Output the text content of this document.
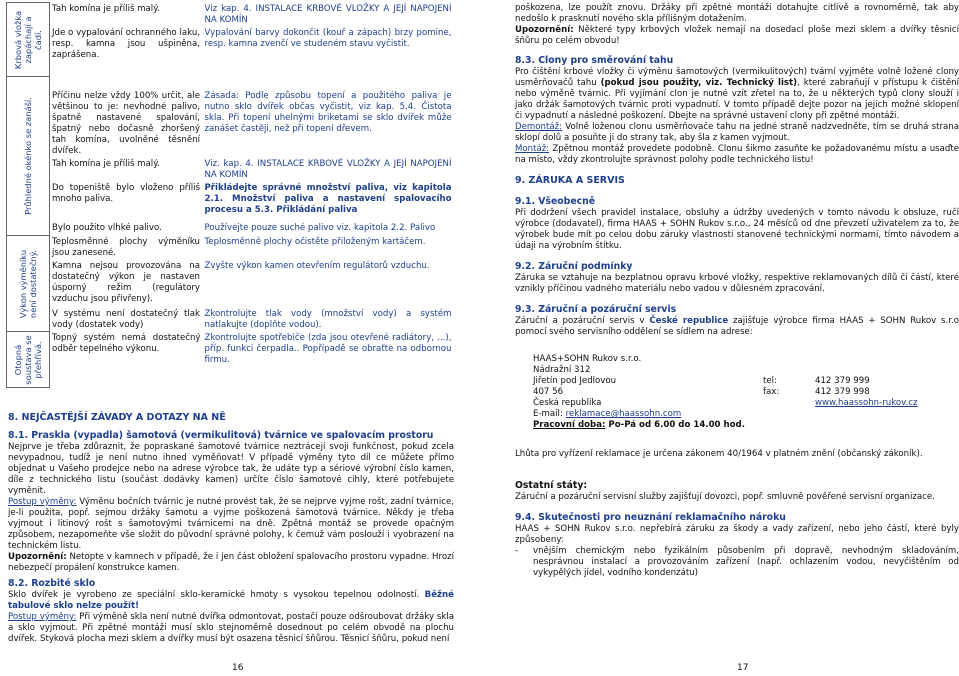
Krbová vložka zapáchají a čadí.	Tah komína je příliš malý.	Viz kap. 4. INSTALACE KRBOVÉ VLOŽKY A JEJÍ NAPOJENÍ NA KOMÍN
	Jde o vypalování ochranného laku, resp. kamna jsou ušpiněna, zaprášena.	Vypalování barvy dokončit (kouř a zápach) brzy pomine, resp. kamna zvenčí ve studeném stavu vyčistit.

Průhledné okénko se zanáší.	Příčinu nelze vždy 100% určit, ale většinou to je: nevhodné palivo, špatně nastavené spalování, špatný nebo dočasně zhoršený tah komína, uvolněné těsnění dvířek.	Zásada: Podle způsobu topení a použitého paliva je nutno sklo dvířek občas vyčistit, viz kap. 5.4. Čistota skla. Při topení uhelnými briketami se sklo dvířek může zanášet častěji, než při topení dřevem.
	Tah komína je příliš malý.	Viz. kap. 4. INSTALACE KRBOVÉ VLOŽKY A JEJÍ NAPOJENÍ NA KOMÍN
	Do topeniště bylo vloženo příliš mnoho paliva.	Přikládejte správné množství paliva, viz kapitola 2.1. Množství paliva a nastavení spalovacího procesu a 5.3. Přikládání paliva
	Bylo použito vlhké palivo.	Používejte pouze suché palivo viz. kapitola 2.2. Palivo

Výkon výměníku není dostatečný.	Teplosměnné plochy výměníku jsou zanesené.	Teplosměnné plochy očistěte přiloženým kartáčem.
	Kamna nejsou provozována na dostatečný výkon je nastaven úsporný režim (regulátory vzduchu jsou přivřeny).	Zvyšte výkon kamen otevřením regulátorů vzduchu.
	V systému není dostatečný tlak vody (dostatek vody)	Zkontrolujte tlak vody (množství vody) a systém natlakujte (doplňte vodou).

Otopná soustava se přehřívá.	Topný systém nemá dostatečný odběr tepelného výkonu.	Zkontrolujte spotřebiče (zda jsou otevřené radiátory, ...), příp. funkci čerpadla.. Popřípadě se obraťte na odbornou firmu.
8. NEJČASTĚJŠÍ ZÁVADY A DOTAZY NA NĚ
8.1. Praskla (vypadla) šamotová (vermikulitová) tvárnice ve spalovacím prostoru
Nejprve je třeba zdůraznit, že popraskané šamotové tvárnice neztrácejí svoji funkčnost, pokud zcela nevypadnou, tudíž je není nutno ihned vyměňovat! V případě výměny tyto díl ce můžete přímo objednat u Vašeho prodejce nebo na adrese výrobce tak, že udáte typ a sériové výrobní číslo kamen, díle z technického listu (součást dodávky kamen) určíte číslo šamotové cihly, které potřebujete vyměnit.
Postup výměny: Výměnu bočních tvárnic je nutné provést tak, že se nejprve vyjme rošt, zadní tvárnice, je-li použita, popř. sejmou držáky šamotu a vyjme poškozená šamotová tvárnice. Někdy je třeba vyjmout i litinový rošt s šamotovými tvárnicemi na dně. Zpětná montáž se provede opačným způsobem, nezapomeňte vše složit do původní správné polohy, k čemuž vám poslouží i vyobrazení na technickém listu.
Upozornění: Netopte v kamnech v případě, že i jen část obložení spalovacího prostoru vypadne. Hrozí nebezpečí propálení konstrukce kamen.
8.2. Rozbité sklo
Sklo dvířek je vyrobeno ze speciální sklo-keramické hmoty s vysokou tepelnou odolností. Běžné tabulové sklo nelze použít!
Postup výměny: Při výměně skla není nutné dvířka odmontovat, postačí pouze odšroubovat držáky skla a sklo vyjmout. Při zpětné montáži musí sklo stejnoměrně dosednout po celém obvodě na plochu dvířek. Styková plocha mezi sklem a dvířky musí být osazena těsnicí šňůrou. Těsnicí šňůru, pokud není
16
poškozena, lze použít znovu. Držáky při zpětné montáži dotahujte citlivě a rovnoměrně, tak aby nedošlo k prasknutí nového skla přílišným dotažením.
Upozornění: Některé typy krbových vložek nemají na dosedací ploše mezi sklem a dvířky těsnicí šňůru po celém obvodu!
8.3. Clony pro směrování tahu
Pro čištění krbové vložky či výměnu šamotových (vermikulitových) tvární vyjměte volně ložené clony usměrňovačů tahu (pokud jsou použity, viz. Technický list), které zabraňují v přístupu k čištění nebo výměně tvárnic. Při vyjímání clon je nutné vzít zřetel na to, že u některých typů clony slouží i jako držák šamotových tvárnic proti vypadnutí. V tomto případě dejte pozor na jejich možné sklopení či vypadnutí a následné poškození. Dbejte na správné ustavení clony při zpětné montáži.
Demontáž: Volně loženou clonu usměrňovače tahu na jedné straně nadzvedněte, tím se druhá strana sklopí dolů a posuňte ji do strany tak, aby šla z kamen vyjmout.
Montáž: Zpětnou montáž provedete podobně. Clonu šikmo zasuňte ke požadovanému místu a usaďte na místo, vždy zkontrolujte správnost polohy podle technického listu!
9. ZÁRUKA A SERVIS
9.1. Všeobecně
Při dodržení všech pravidel instalace, obsluhy a údržby uvedených v tomto návodu k obsluze, ručí výrobce (dodavatel), firma HAAS + SOHN Rukov s.r.o., 24 měsíců od dne převzetí uživatelem za to, že výrobek bude mít po celou dobu záruky vlastnosti stanovené technickými normami, tímto návodem a údaji na výrobním štítku.
9.2. Záruční podmínky
Záruka se vztahuje na bezplatnou opravu krbové vložky, respektive reklamovaných dílů či částí, které vznikly příčinou vadného materiálu nebo vadou v důlesném zpracování.
9.3. Záruční a pozáruční servis
Záruční a pozáruční servis v České republice zajišťuje výrobce firma HAAS + SOHN Rukov s.r.o pomocí svého servisního oddělení se sídlem na adrese:
HAAS+SOHN Rukov s.r.o.
Nádražní 312
Jiřetín pod Jedlovou	tel:	412 379 999
407 56	fax:	412 379 998
Česká republika	www.haassohn-rukov.cz
E-mail: reklamace@haassohn.com
Pracovní doba: Po-Pá od 6.00 do 14.00 hod.
Lhůta pro vyřízení reklamace je určena zákonem 40/1964 v platném znění (občanský zákoník).
Ostatní státy:
Záruční a pozáruční servisní služby zajišťují dovozci, popř. smluvně pověřené servisní organizace.
9.4. Skutečnosti pro neuznání reklamačního nároku
HAAS + SOHN Rukov s.r.o. nepřebírá záruku za škody a vady zařízení, nebo jeho částí, které byly způsobeny:
-	vnějším chemickým nebo fyzikálním působením při dopravě, nevhodným skladováním, nesprávnou instalací a provozováním zařízení (např. ochlazením vodou, nevyčištěním od vykypělých jídel, vodního kondenzátu)
17
